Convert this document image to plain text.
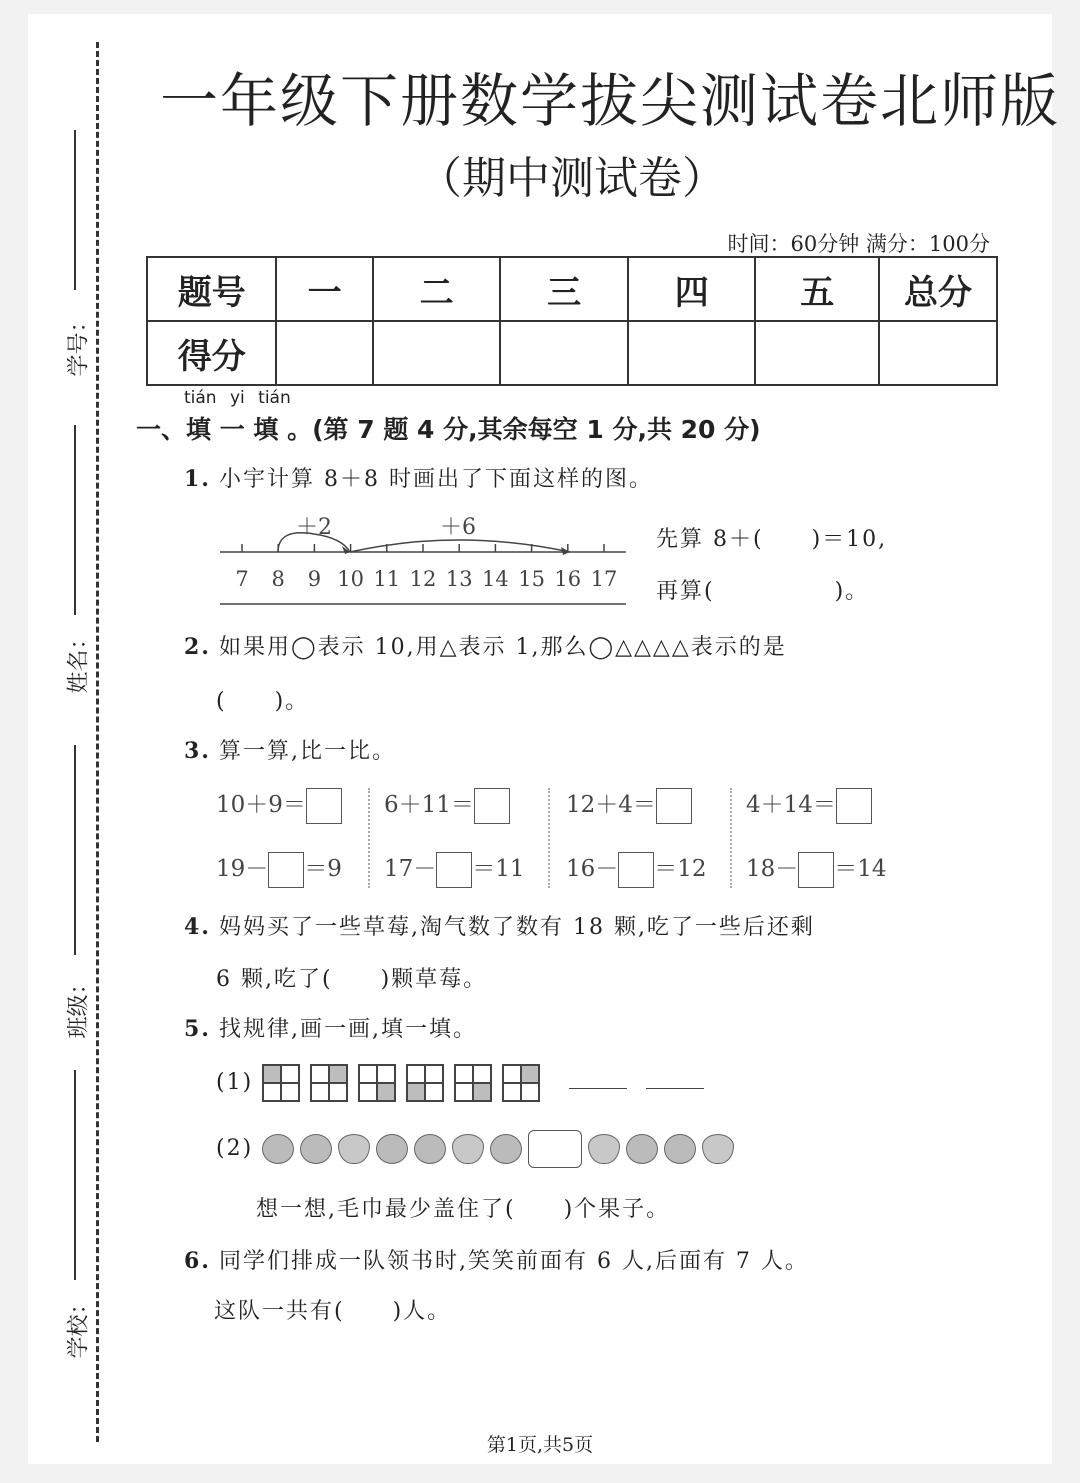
学号：
姓名：
班级：
学校：
一年级下册数学拔尖测试卷北师版
（期中测试卷）
时间：60分钟 满分：100分
题号	一	二	三	四	五	总分
得分						
tián yi tián
一、填 一 填 。(第 7 题 4 分,其余每空 1 分,共 20 分)
1. 小宇计算 8＋8 时画出了下面这样的图。
7 8 9 10 11 12 13 14 15 16 17
＋2	＋6	先算 8＋(　　)＝10,
再算(　　　　　)。
2. 如果用◯表示 10,用△表示 1,那么◯△△△△表示的是
(　　)。
3. 算一算,比一比。
10＋9＝	6＋11＝	12＋4＝	4＋14＝
19－ ＝9 17－ ＝11 16－ ＝12 18－ ＝14
4. 妈妈买了一些草莓,淘气数了数有 18 颗,吃了一些后还剩
6 颗,吃了(　　)颗草莓。
5. 找规律,画一画,填一填。
(1)

(2)
想一想,毛巾最少盖住了(　　)个果子。
6. 同学们排成一队领书时,笑笑前面有 6 人,后面有 7 人。
这队一共有(　　)人。
第1页,共5页
